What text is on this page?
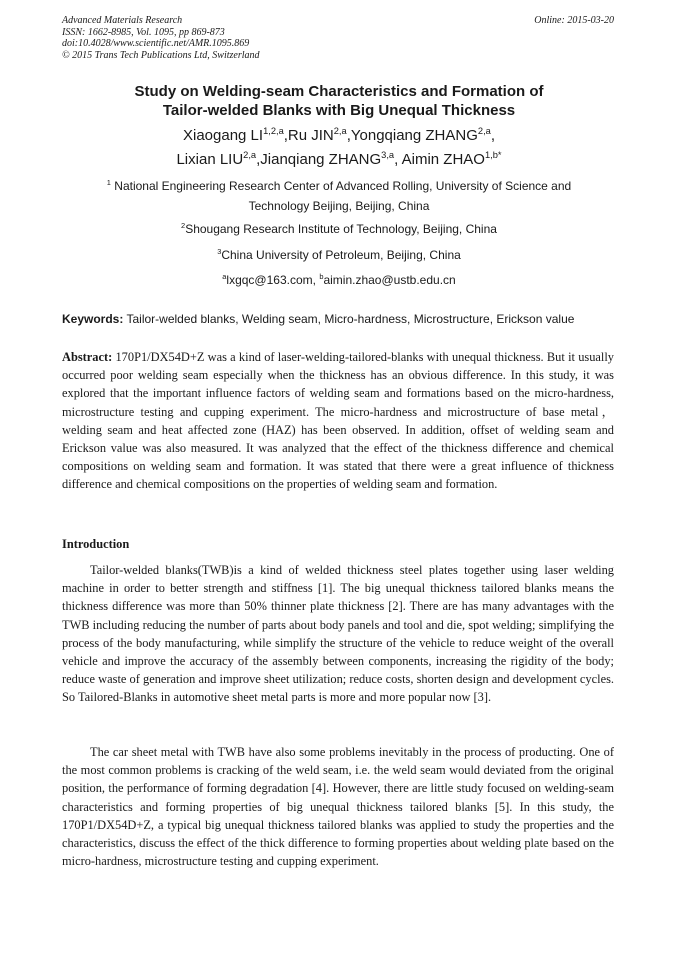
Advanced Materials Research
ISSN: 1662-8985, Vol. 1095, pp 869-873
doi:10.4028/www.scientific.net/AMR.1095.869
© 2015 Trans Tech Publications Ltd, Switzerland
Online: 2015-03-20
Study on Welding-seam Characteristics and Formation of
Tailor-welded Blanks with Big Unequal Thickness
Xiaogang LI$^{1,2,a}$,Ru JIN$^{2,a}$,Yongqiang ZHANG$^{2,a}$,
Lixian LIU$^{2,a}$,Jianqiang ZHANG$^{3,a}$, Aimin $ZHAO^{1,b*}$
$^1$ National Engineering Research Center of Advanced Rolling, University of Science and
Technology Beijing, Beijing, China
$^2$Shougang Research Institute of Technology, Beijing, China
$^3$China University of Petroleum, Beijing, China
$^a$lxgqc@163.com, $^b$aimin.zhao@ustb.edu.cn
Keywords: Tailor-welded blanks, Welding seam, Micro-hardness, Microstructure, Erickson value
Abstract: 170P1/DX54D+Z was a kind of laser-welding-tailored-blanks with unequal thickness. But it usually occurred poor welding seam especially when the thickness has an obvious difference. In this study, it was explored that the important influence factors of welding seam and formations based on the micro-hardness, microstructure testing and cupping experiment. The micro-hardness and microstructure of base metal，welding seam and heat affected zone (HAZ) has been observed. In addition, offset of welding seam and Erickson value was also measured. It was analyzed that the effect of the thickness difference and chemical compositions on welding seam and formation. It was stated that there were a great influence of thickness difference and chemical compositions on the properties of welding seam and formation.
Introduction

Tailor-welded blanks(TWB)is a kind of welded thickness steel plates together using laser welding machine in order to better strength and stiffness [1]. The big unequal thickness tailored blanks means the thickness difference was more than 50% thinner plate thickness [2]. There are has many advantages with the TWB including reducing the number of parts about body panels and tool and die, spot welding; simplifying the process of the body manufacturing, while simplify the structure of the vehicle to reduce weight of the overall vehicle and improve the accuracy of the assembly between components, increasing the rigidity of the body; reduce waste of generation and improve sheet utilization; reduce costs, shorten design and development cycles. So Tailored-Blanks in automotive sheet metal parts is more and more popular now [3].

The car sheet metal with TWB have also some problems inevitably in the process of producting. One of the most common problems is cracking of the weld seam, i.e. the weld seam would deviated from the original position, the performance of forming degradation [4]. However, there are little study focused on welding-seam characteristics and forming properties of big unequal thickness tailored blanks [5]. In this study, the 170P1/DX54D+Z, a typical big unequal thickness tailored blanks was applied to study the properties and the characteristics, discuss the effect of the thick difference to forming properties about welding plate based on the micro-hardness, microstructure testing and cupping experiment.
